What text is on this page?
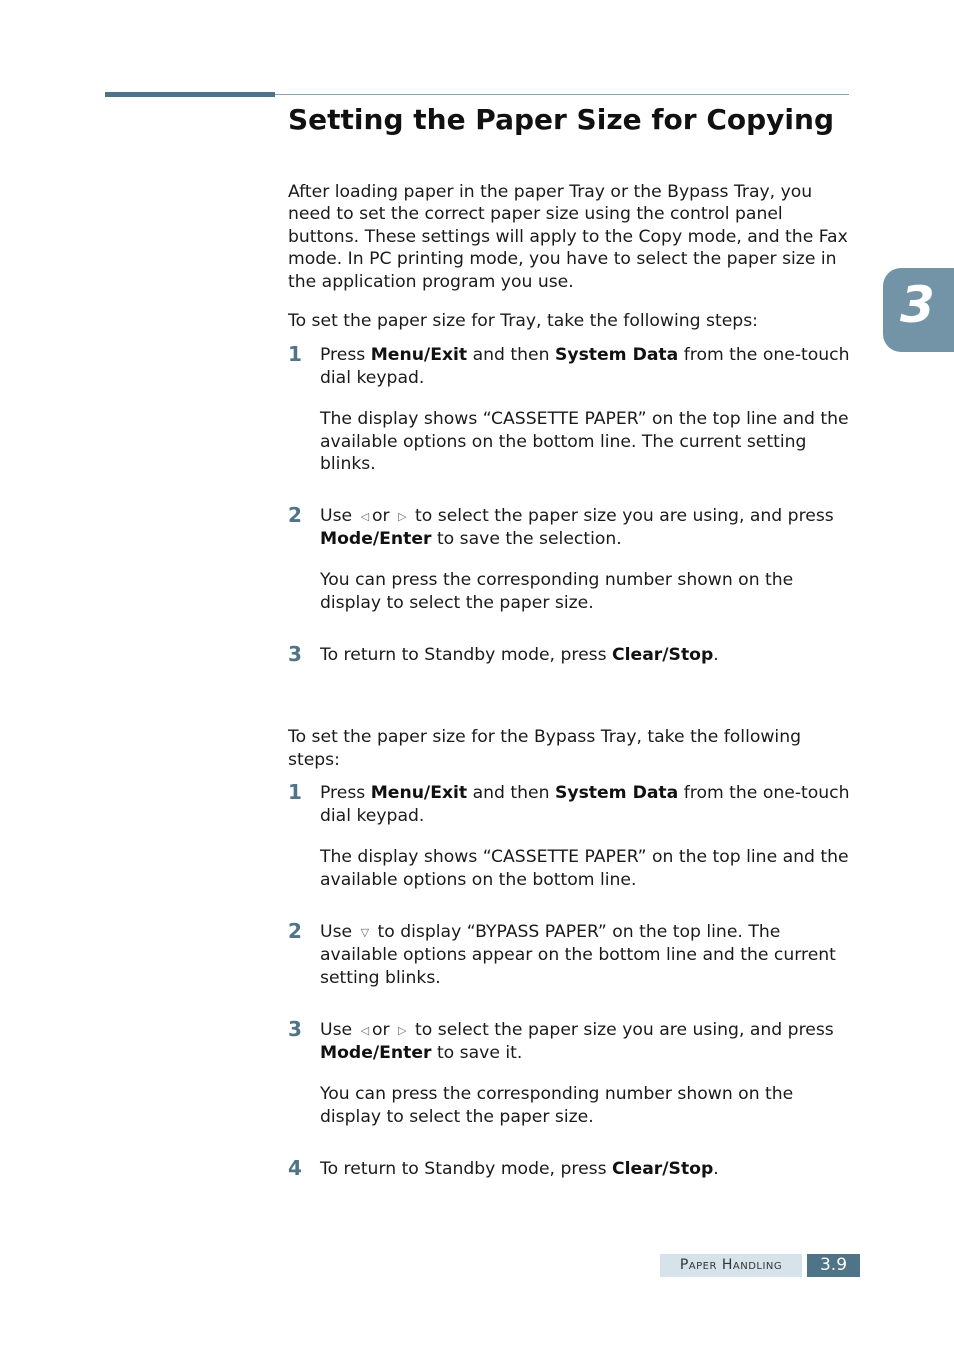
Setting the Paper Size for Copying

After loading paper in the paper Tray or the Bypass Tray, you need to set the correct paper size using the control panel buttons. These settings will apply to the Copy mode, and the Fax mode. In PC printing mode, you have to select the paper size in the application program you use.

To set the paper size for Tray, take the following steps:

1 Press Menu/Exit and then System Data from the one-touch dial keypad.

The display shows “CASSETTE PAPER” on the top line and the available options on the bottom line. The current setting blinks.

2 Use ◁ or ▷ to select the paper size you are using, and press
Mode/Enter to save the selection.

You can press the corresponding number shown on the display to select the paper size.

3 To return to Standby mode, press Clear/Stop.

To set the paper size for the Bypass Tray, take the following steps:

1 Press Menu/Exit and then System Data from the one-touch dial keypad.

The display shows “CASSETTE PAPER” on the top line and the available options on the bottom line.

2 Use ▽ to display “BYPASS PAPER” on the top line. The available options appear on the bottom line and the current setting blinks.

3 Use ◁ or ▷ to select the paper size you are using, and press
Mode/Enter to save it.

You can press the corresponding number shown on the display to select the paper size.

4 To return to Standby mode, press Clear/Stop.

3
Paper Handling	3.9
